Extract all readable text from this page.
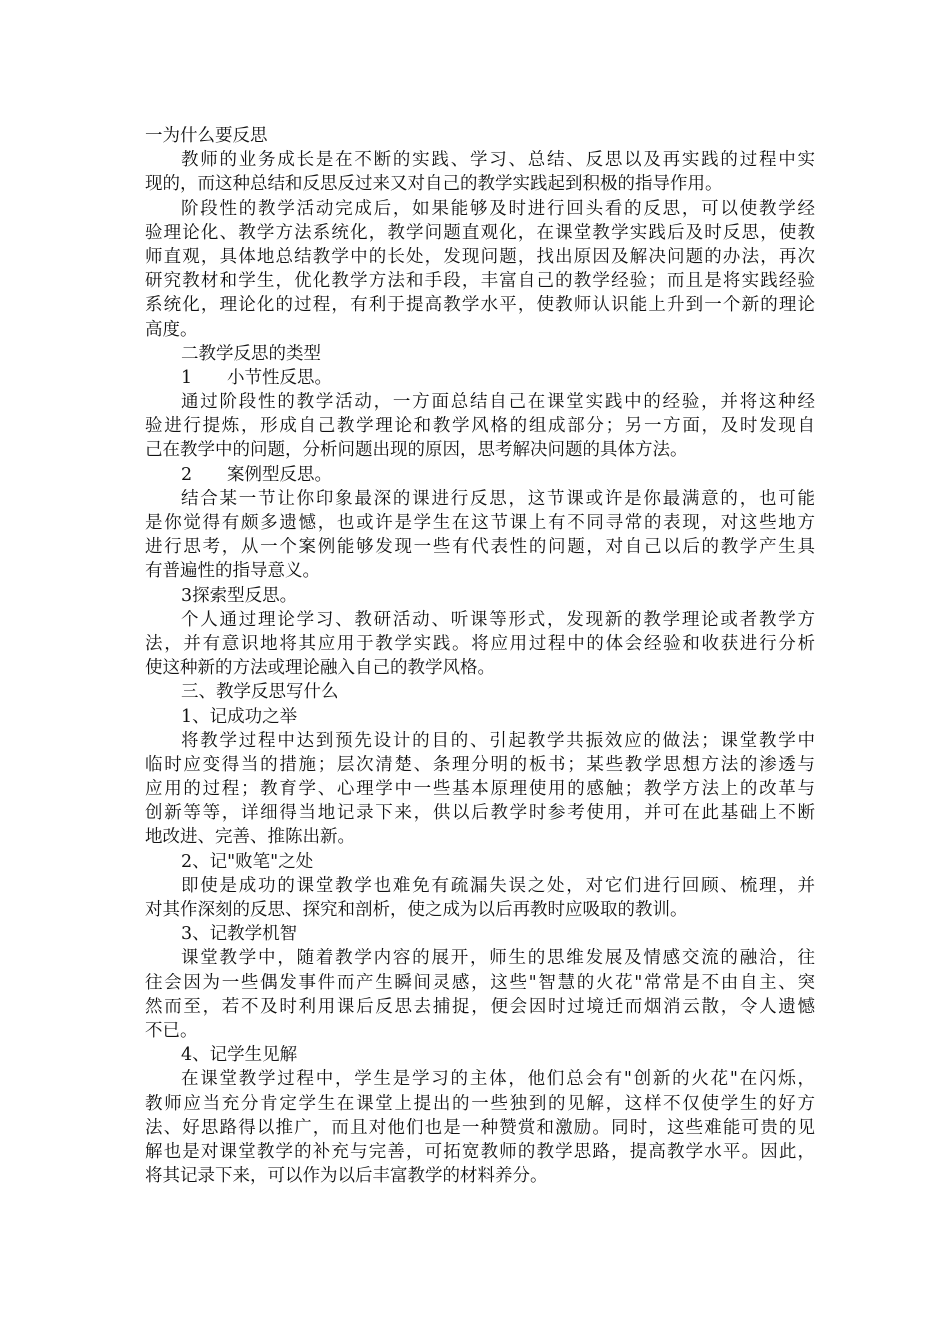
一为什么要反思
教师的业务成长是在不断的实践、学习、总结、反思以及再实践的过程中实
现的，而这种总结和反思反过来又对自己的教学实践起到积极的指导作用。
阶段性的教学活动完成后，如果能够及时进行回头看的反思，可以使教学经
验理论化、教学方法系统化，教学问题直观化，在课堂教学实践后及时反思，使教
师直观，具体地总结教学中的长处，发现问题，找出原因及解决问题的办法，再次
研究教材和学生，优化教学方法和手段，丰富自己的教学经验；而且是将实践经验
系统化，理论化的过程，有利于提高教学水平，使教师认识能上升到一个新的理论
高度。
二教学反思的类型
1 小节性反思。
通过阶段性的教学活动，一方面总结自己在课堂实践中的经验，并将这种经
验进行提炼，形成自己教学理论和教学风格的组成部分；另一方面，及时发现自
己在教学中的问题，分析问题出现的原因，思考解决问题的具体方法。
2 案例型反思。
结合某一节让你印象最深的课进行反思，这节课或许是你最满意的，也可能
是你觉得有颇多遗憾，也或许是学生在这节课上有不同寻常的表现，对这些地方
进行思考，从一个案例能够发现一些有代表性的问题，对自己以后的教学产生具
有普遍性的指导意义。
3探索型反思。
个人通过理论学习、教研活动、听课等形式，发现新的教学理论或者教学方
法，并有意识地将其应用于教学实践。将应用过程中的体会经验和收获进行分析
使这种新的方法或理论融入自己的教学风格。
三、教学反思写什么
1、记成功之举
将教学过程中达到预先设计的目的、引起教学共振效应的做法；课堂教学中
临时应变得当的措施；层次清楚、条理分明的板书；某些教学思想方法的渗透与
应用的过程；教育学、心理学中一些基本原理使用的感触；教学方法上的改革与
创新等等，详细得当地记录下来，供以后教学时参考使用，并可在此基础上不断
地改进、完善、推陈出新。
2、记"败笔"之处
即使是成功的课堂教学也难免有疏漏失误之处，对它们进行回顾、梳理，并
对其作深刻的反思、探究和剖析，使之成为以后再教时应吸取的教训。
3、记教学机智
课堂教学中，随着教学内容的展开，师生的思维发展及情感交流的融洽，往
往会因为一些偶发事件而产生瞬间灵感，这些"智慧的火花"常常是不由自主、突
然而至，若不及时利用课后反思去捕捉，便会因时过境迁而烟消云散，令人遗憾
不已。
4、记学生见解
在课堂教学过程中，学生是学习的主体，他们总会有"创新的火花"在闪烁，
教师应当充分肯定学生在课堂上提出的一些独到的见解，这样不仅使学生的好方
法、好思路得以推广，而且对他们也是一种赞赏和激励。同时，这些难能可贵的见
解也是对课堂教学的补充与完善，可拓宽教师的教学思路，提高教学水平。因此，
将其记录下来，可以作为以后丰富教学的材料养分。
